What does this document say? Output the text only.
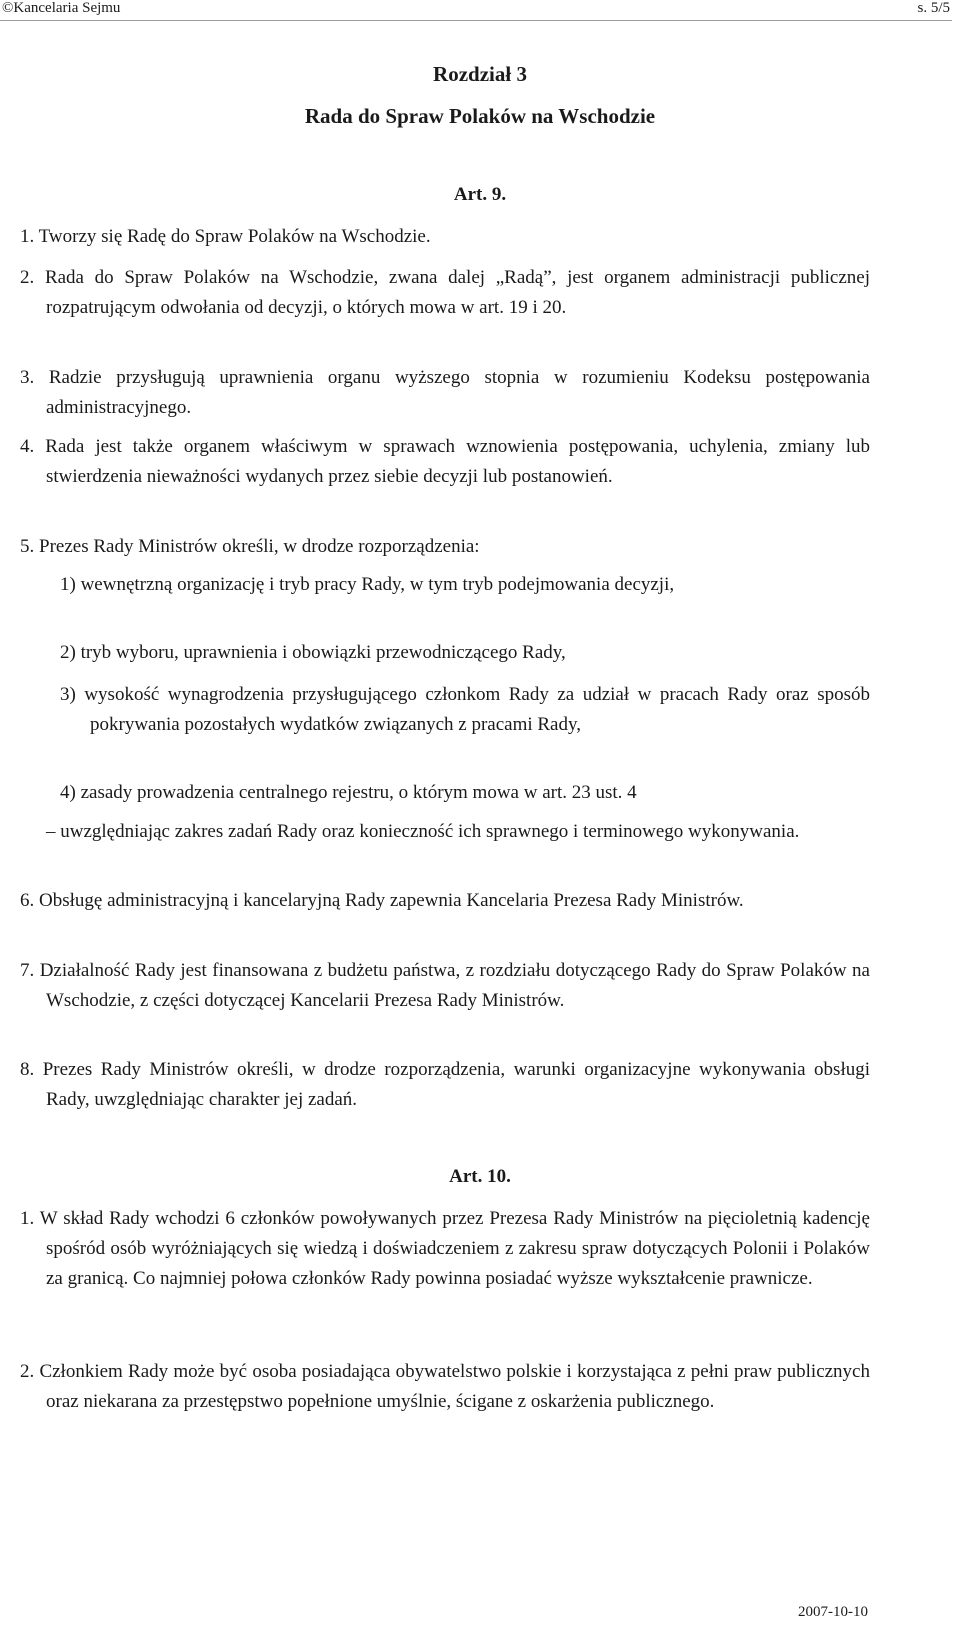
©Kancelaria Sejmu	s. 5/5
Rozdział 3
Rada do Spraw Polaków na Wschodzie
Art. 9.
1. Tworzy się Radę do Spraw Polaków na Wschodzie.
2. Rada do Spraw Polaków na Wschodzie, zwana dalej „Radą”, jest organem administracji publicznej rozpatrującym odwołania od decyzji, o których mowa w art. 19 i 20.
3. Radzie przysługują uprawnienia organu wyższego stopnia w rozumieniu Kodeksu postępowania administracyjnego.
4. Rada jest także organem właściwym w sprawach wznowienia postępowania, uchylenia, zmiany lub stwierdzenia nieważności wydanych przez siebie decyzji lub postanowień.
5. Prezes Rady Ministrów określi, w drodze rozporządzenia:
1) wewnętrzną organizację i tryb pracy Rady, w tym tryb podejmowania decyzji,
2) tryb wyboru, uprawnienia i obowiązki przewodniczącego Rady,
3) wysokość wynagrodzenia przysługującego członkom Rady za udział w pracach Rady oraz sposób pokrywania pozostałych wydatków związanych z pracami Rady,
4) zasady prowadzenia centralnego rejestru, o którym mowa w art. 23 ust. 4
– uwzględniając zakres zadań Rady oraz konieczność ich sprawnego i terminowego wykonywania.
6. Obsługę administracyjną i kancelaryjną Rady zapewnia Kancelaria Prezesa Rady Ministrów.
7. Działalność Rady jest finansowana z budżetu państwa, z rozdziału dotyczącego Rady do Spraw Polaków na Wschodzie, z części dotyczącej Kancelarii Prezesa Rady Ministrów.
8. Prezes Rady Ministrów określi, w drodze rozporządzenia, warunki organizacyjne wykonywania obsługi Rady, uwzględniając charakter jej zadań.
Art. 10.
1. W skład Rady wchodzi 6 członków powoływanych przez Prezesa Rady Ministrów na pięcioletnią kadencję spośród osób wyróżniających się wiedzą i doświadczeniem z zakresu spraw dotyczących Polonii i Polaków za granicą. Co najmniej połowa członków Rady powinna posiadać wyższe wykształcenie prawnicze.
2. Członkiem Rady może być osoba posiadająca obywatelstwo polskie i korzystająca z pełni praw publicznych oraz niekarana za przestępstwo popełnione umyślnie, ścigane z oskarżenia publicznego.
2007-10-10
